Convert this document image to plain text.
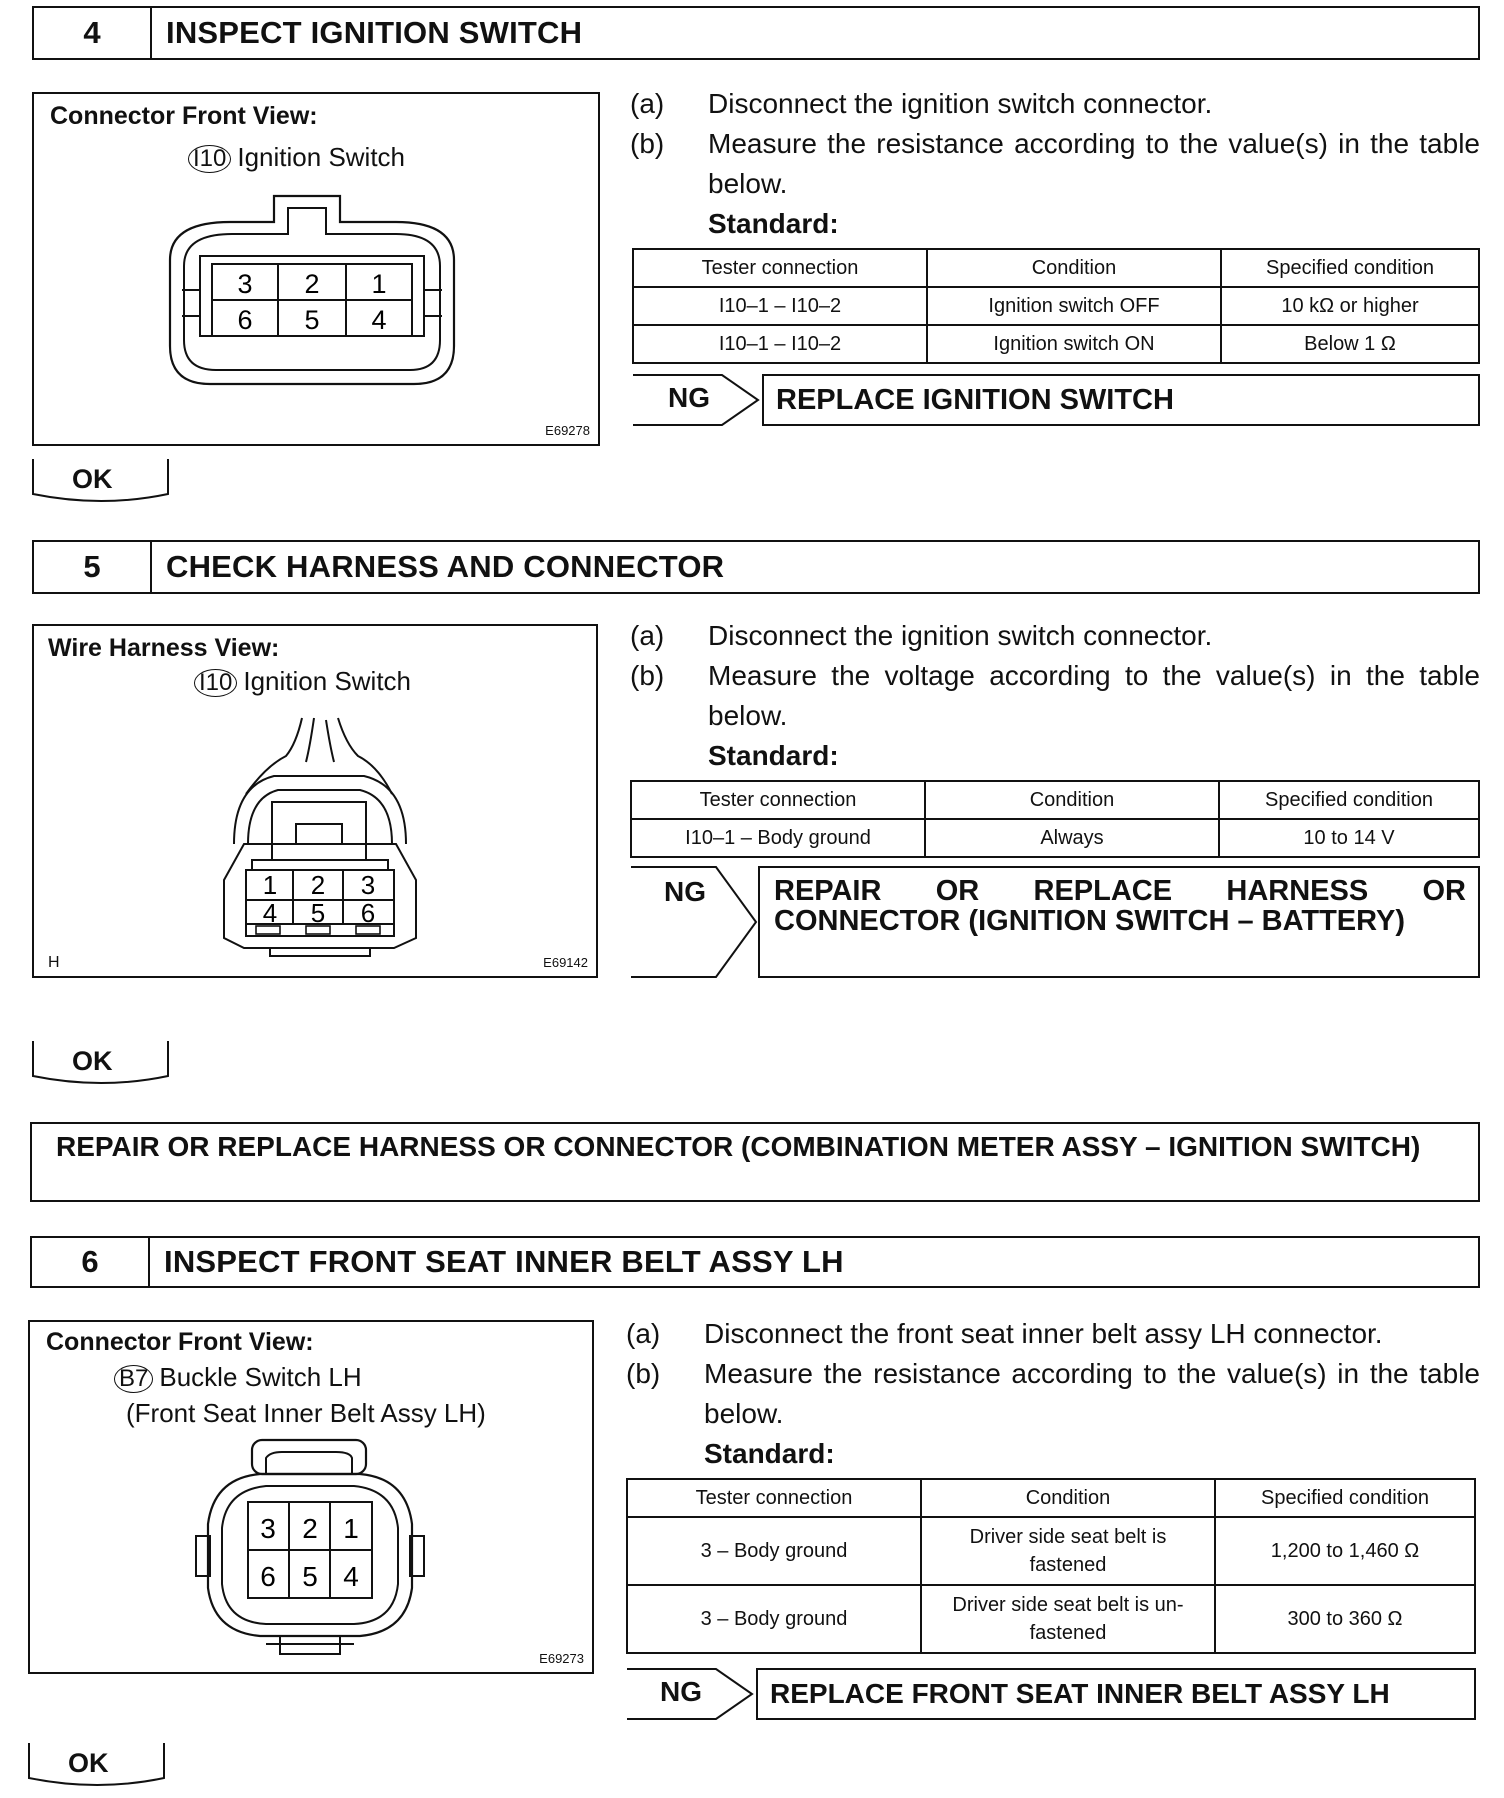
4	INSPECT IGNITION SWITCH
Connector Front View:
I10 Ignition Switch
3 2 1
6 5 4
E69278
(a)	Disconnect the ignition switch connector.
(b)	Measure the resistance according to the value(s) in the table below.
Standard:
Tester connection	Condition	Specified condition
I10–1 – I10–2	Ignition switch OFF	10 kΩ or higher
I10–1 – I10–2	Ignition switch ON	Below 1 Ω
NG	REPLACE IGNITION SWITCH
OK
5	CHECK HARNESS AND CONNECTOR
Wire Harness View:
I10 Ignition Switch
1 2 3
4 5 6
H	E69142
(a)	Disconnect the ignition switch connector.
(b)	Measure the voltage according to the value(s) in the table below.
Standard:
Tester connection	Condition	Specified condition
I10–1 – Body ground	Always	10 to 14 V
NG REPAIR OR REPLACE HARNESS OR
CONNECTOR (IGNITION SWITCH – BATTERY)
OK
REPAIR OR REPLACE HARNESS OR CONNECTOR (COMBINATION METER ASSY – IGNITION SWITCH)
6	INSPECT FRONT SEAT INNER BELT ASSY LH
Connector Front View:
B7 Buckle Switch LH
(Front Seat Inner Belt Assy LH)
3 2 1
6 5 4
E69273
(a)	Disconnect the front seat inner belt assy LH connector.
(b)	Measure the resistance according to the value(s) in the table below.
Standard:
Tester connection	Condition	Specified condition
3 – Body ground	Driver side seat belt is fastened	1,200 to 1,460 Ω
3 – Body ground	Driver side seat belt is un-fastened	300 to 360 Ω
NG	REPLACE FRONT SEAT INNER BELT ASSY LH
OK
